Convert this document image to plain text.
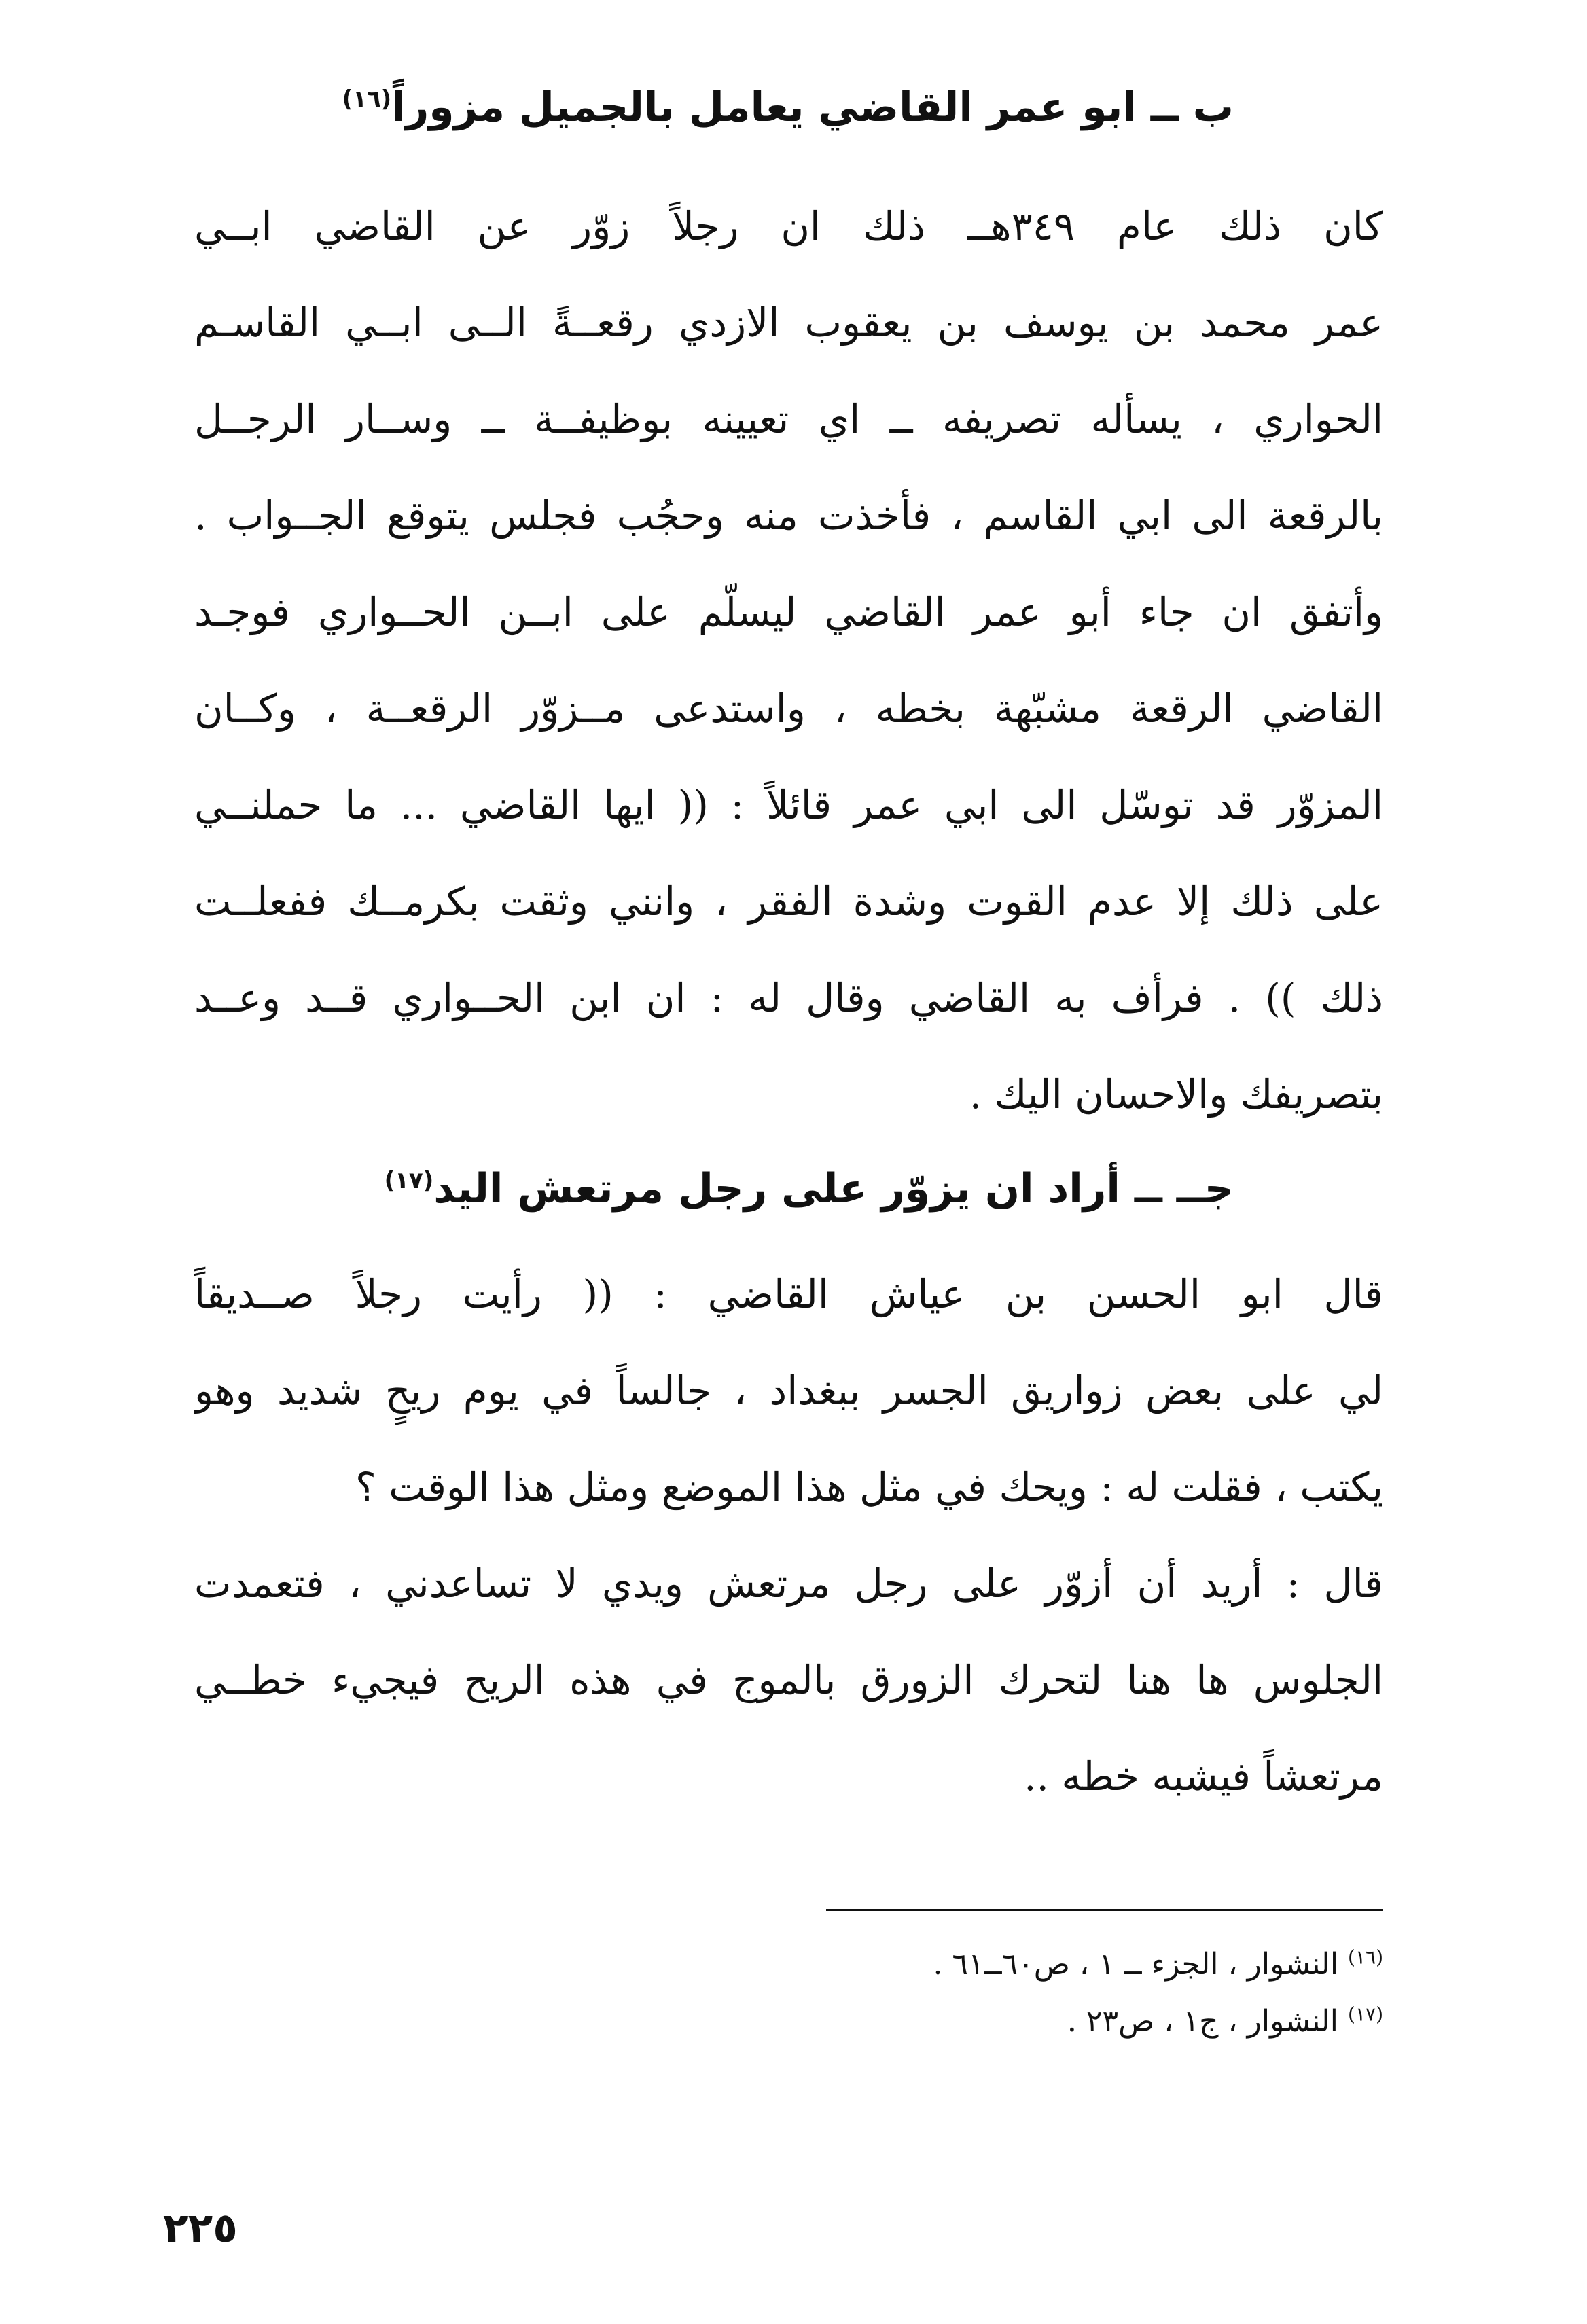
ب ــ ابو عمر القاضي يعامل بالجميل مزوراً$^{(١٦)}$
كان ذلك عام ٣٤٩هــ ذلك ان رجلاً زوّر عن القاضي ابــي
عمر محمد بن يوسف بن يعقوب الازدي رقعــةً الــى ابــي القاسـم
الحواري ، يسأله تصريفه ــ اي تعيينه بوظيفــة ــ وســار الرجــل
بالرقعة الى ابي القاسم ، فأخذت منه وحجُب فجلس يتوقع الجــواب .
وأتفق ان جاء أبو عمر القاضي ليسلّم على ابــن الحــواري فوجـد
القاضي الرقعة مشبّهة بخطه ، واستدعى مــزوّر الرقعــة ، وكــان
المزوّر قد توسّل الى ابي عمر قائلاً : (( ايها القاضي ... ما حملنــي
على ذلك إلا عدم القوت وشدة الفقر ، وانني وثقت بكرمــك ففعلــت
ذلك )) . فرأف به القاضي وقال له : ان ابن الحــواري قــد وعــد
بتصريفك والاحسان اليك .
جــ ــ أراد ان يزوّر على رجل مرتعش اليد$^{(١٧)}$
قال ابو الحسن بن عياش القاضي : (( رأيت رجلاً صــديقاً
لي على بعض زواريق الجسر ببغداد ، جالساً في يوم ريحٍ شديد وهو
يكتب ، فقلت له : ويحك في مثل هذا الموضع ومثل هذا الوقت ؟
قال : أريد أن أزوّر على رجل مرتعش ويدي لا تساعدني ، فتعمدت
الجلوس ها هنا لتحرك الزورق بالموج في هذه الريح فيجيء خطــي
مرتعشاً فيشبه خطه ..
$^{(١٦)}$ النشوار ، الجزء ــ ١ ، ص٦٠ــ٦١ .
$^{(١٧)}$ النشوار ، ج١ ، ص٢٣ .
٢٢٥
